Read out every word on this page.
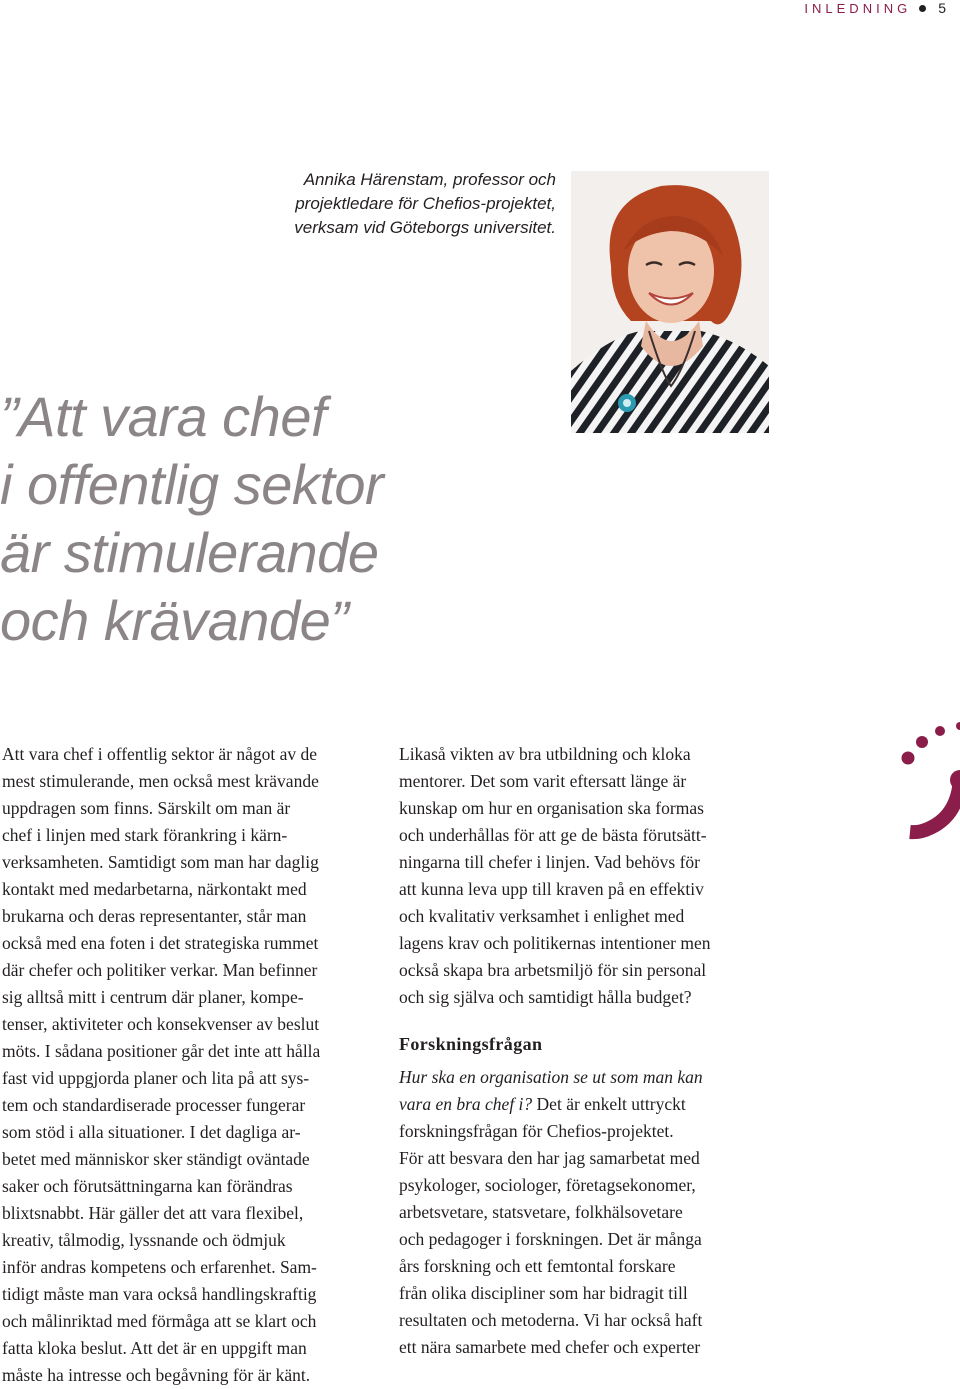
INLEDNING 5
Annika Härenstam, professor och
projektledare för Chefios-projektet,
verksam vid Göteborgs universitet.
”Att vara chef
i offentlig sektor
är stimulerande
och krävande”
Att vara chef i offentlig sektor är något av de
mest stimulerande, men också mest krävande
uppdragen som finns. Särskilt om man är
chef i linjen med stark förankring i kärn-
verksamheten. Samtidigt som man har daglig
kontakt med medarbetarna, närkontakt med
brukarna och deras representanter, står man
också med ena foten i det strategiska rummet
där chefer och politiker verkar. Man befinner
sig alltså mitt i centrum där planer, kompe-
tenser, aktiviteter och konsekvenser av beslut
möts. I sådana positioner går det inte att hålla
fast vid uppgjorda planer och lita på att sys-
tem och standardiserade processer fungerar
som stöd i alla situationer. I det dagliga ar-
betet med människor sker ständigt oväntade
saker och förutsättningarna kan förändras
blixtsnabbt. Här gäller det att vara flexibel,
kreativ, tålmodig, lyssnande och ödmjuk
inför andras kompetens och erfarenhet. Sam-
tidigt måste man vara också handlingskraftig
och målinriktad med förmåga att se klart och
fatta kloka beslut. Att det är en uppgift man
måste ha intresse och begåvning för är känt.
Likaså vikten av bra utbildning och kloka
mentorer. Det som varit eftersatt länge är
kunskap om hur en organisation ska formas
och underhållas för att ge de bästa förutsätt-
ningarna till chefer i linjen. Vad behövs för
att kunna leva upp till kraven på en effektiv
och kvalitativ verksamhet i enlighet med
lagens krav och politikernas intentioner men
också skapa bra arbetsmiljö för sin personal
och sig själva och samtidigt hålla budget?
Forskningsfrågan
Hur ska en organisation se ut som man kan
vara en bra chef i? Det är enkelt uttryckt
forskningsfrågan för Chefios-projektet.
För att besvara den har jag samarbetat med
psykologer, sociologer, företagsekonomer,
arbetsvetare, statsvetare, folkhälsovetare
och pedagoger i forskningen. Det är många
års forskning och ett femtontal forskare
från olika discipliner som har bidragit till
resultaten och metoderna. Vi har också haft
ett nära samarbete med chefer och experter
